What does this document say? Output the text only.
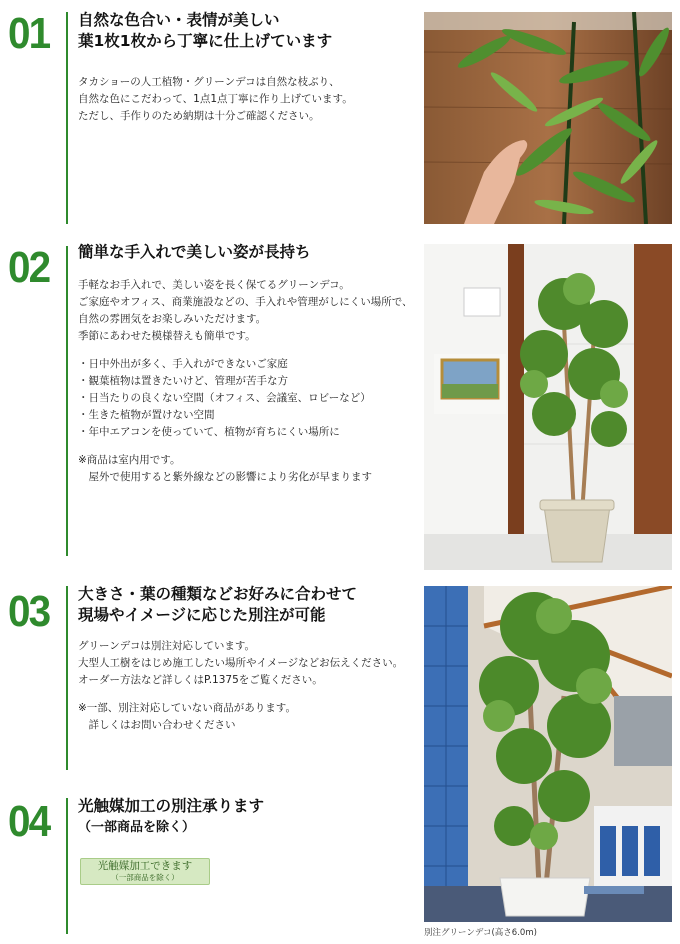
01	自然な色合い・表情が美しい

葉1枚1枚から丁寧に仕上げています

タカショーの人工植物・グリーンデコは自然な枝ぶり、

自然な色にこだわって、1点1点丁寧に作り上げています。

ただし、手作りのため納期は十分ご確認ください。

02	簡単な手入れで美しい姿が長持ち

手軽なお手入れで、美しい姿を長く保てるグリーンデコ。

ご家庭やオフィス、商業施設などの、手入れや管理がしにくい場所で、

自然の雰囲気をお楽しみいただけます。

季節にあわせた模様替えも簡単です。

・日中外出が多く、手入れができないご家庭

・観葉植物は置きたいけど、管理が苦手な方

・日当たりの良くない空間（オフィス、会議室、ロビーなど）

・生きた植物が置けない空間

・年中エアコンを使っていて、植物が育ちにくい場所に

※商品は室内用です。

　屋外で使用すると紫外線などの影響により劣化が早まります

03	大きさ・葉の種類などお好みに合わせて

現場やイメージに応じた別注が可能

グリーンデコは別注対応しています。

大型人工樹をはじめ施工したい場所やイメージなどお伝えください。

オーダー方法など詳しくはP.1375をご覧ください。

※一部、別注対応していない商品があります。

　詳しくはお問い合わせください

04	光触媒加工の別注承ります

（一部商品を除く）

光触媒加工できます
（一部商品を除く）
別注グリーンデコ(高さ6.0m)
